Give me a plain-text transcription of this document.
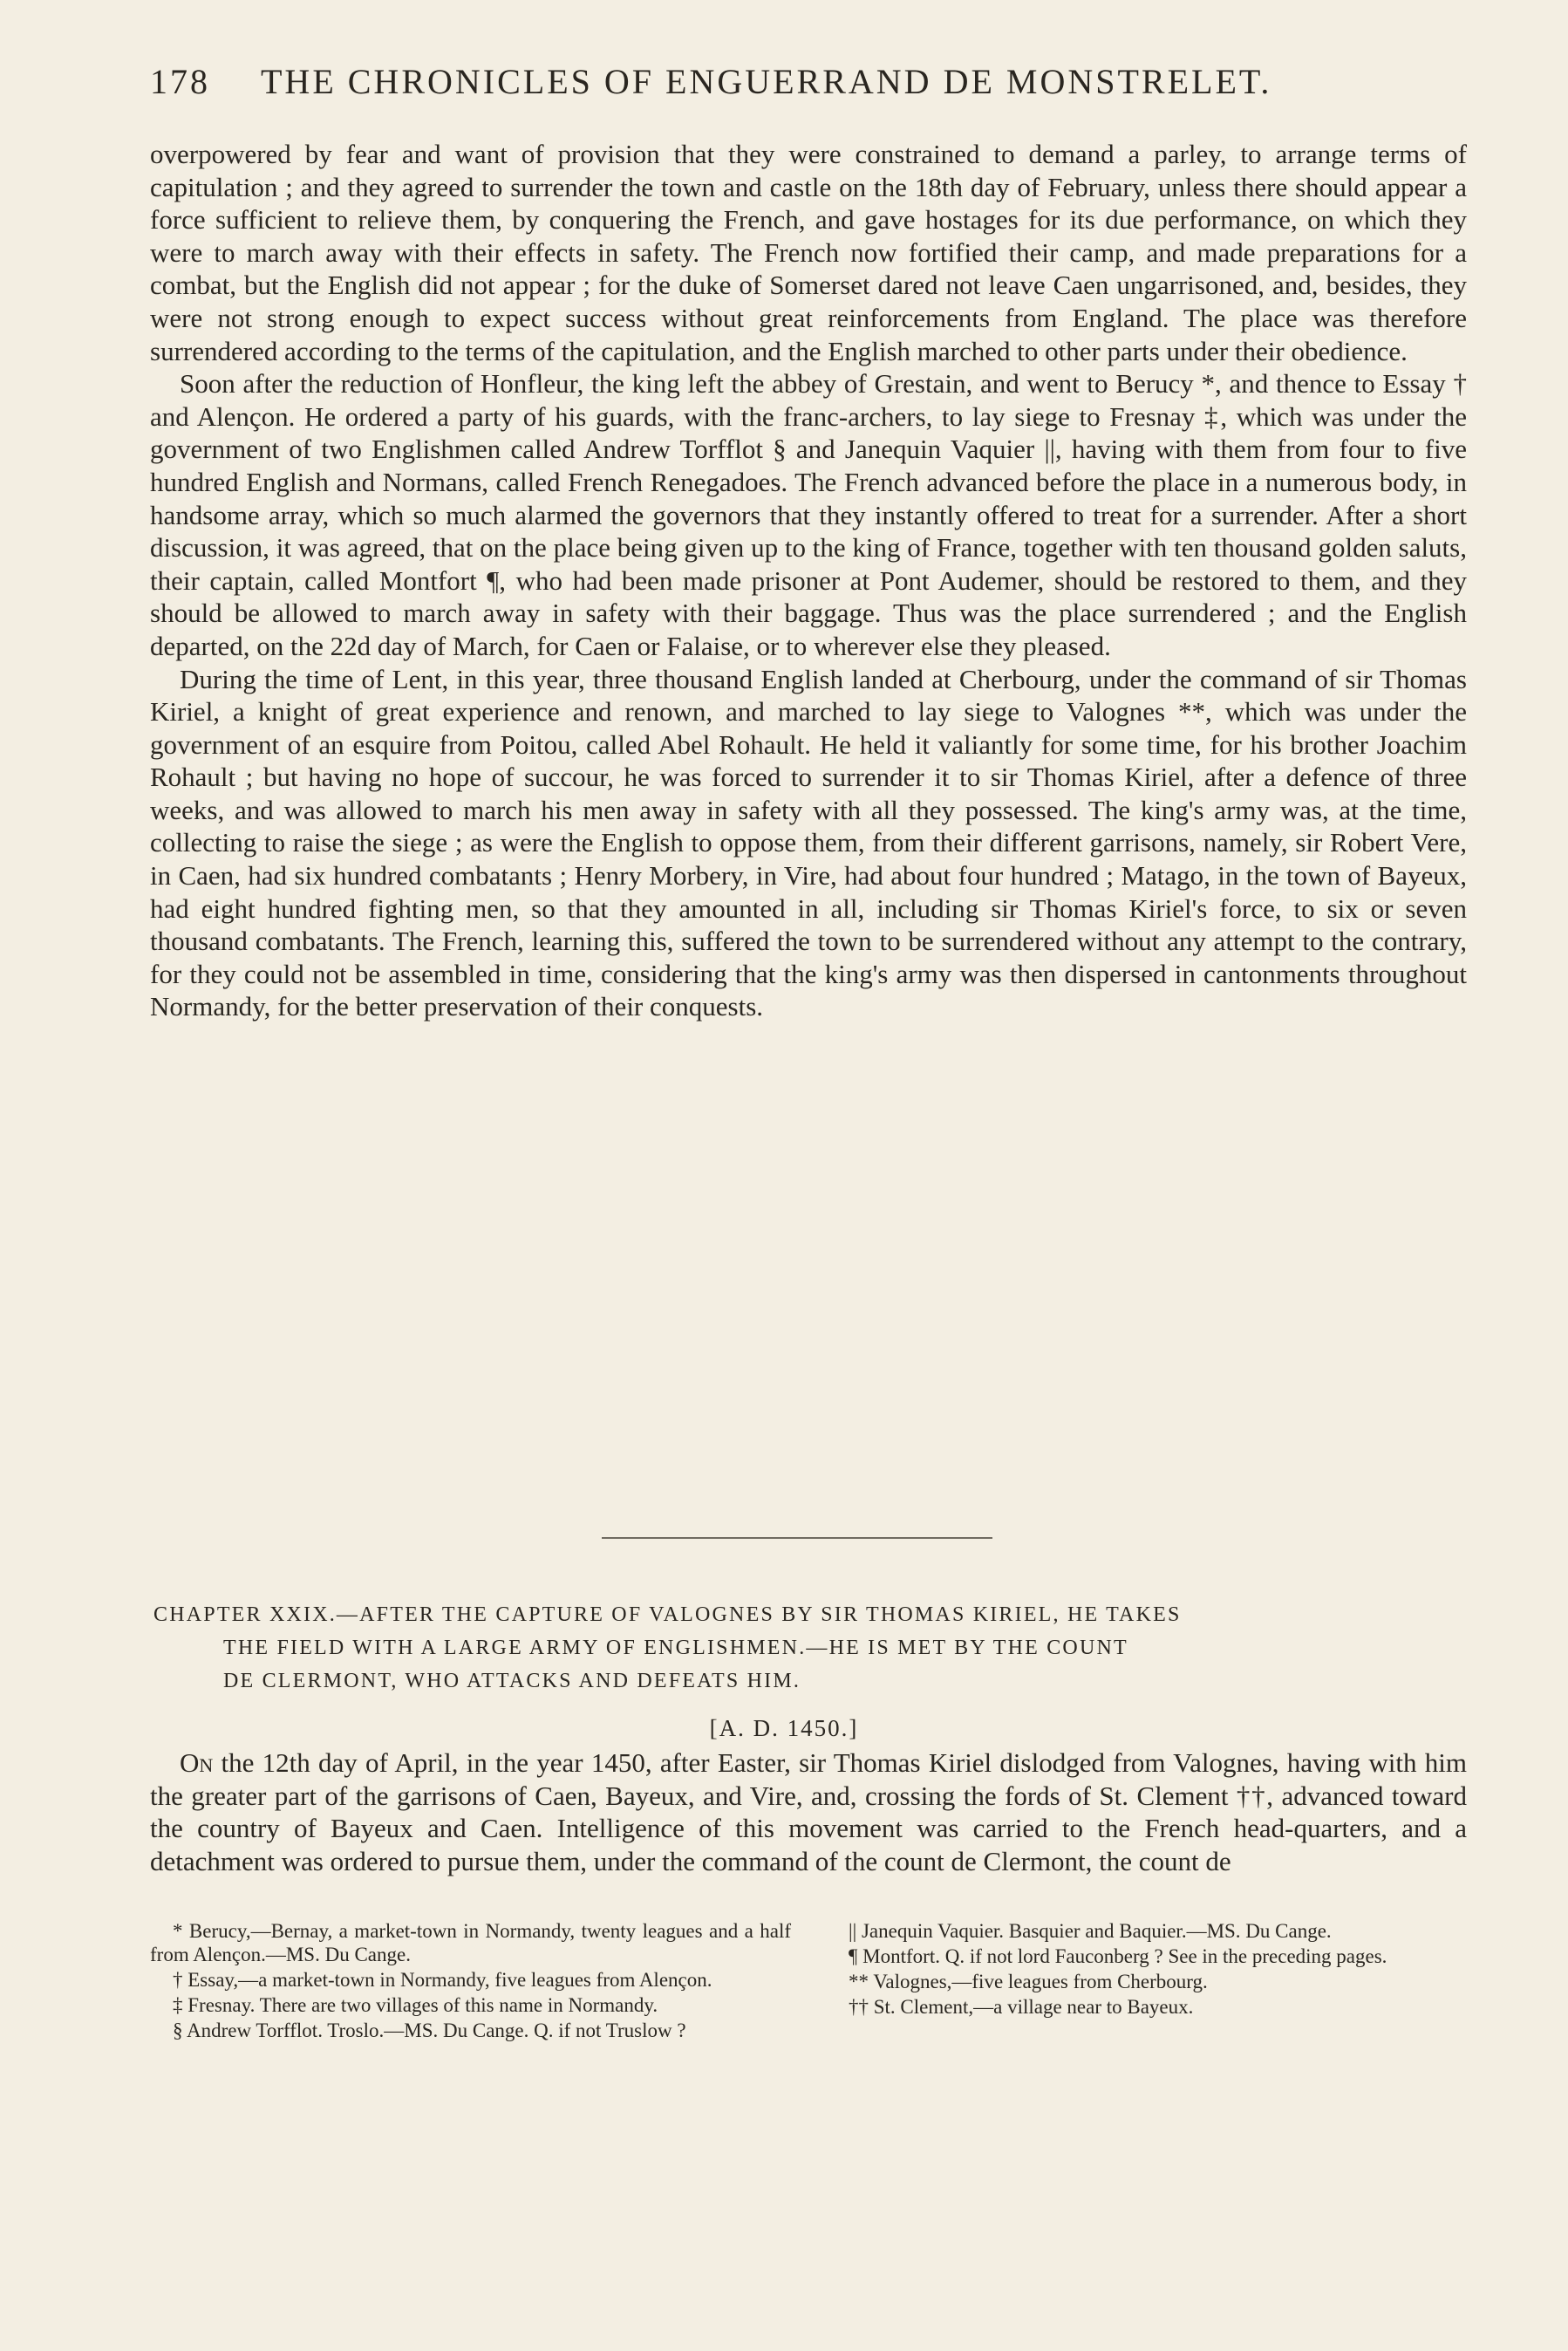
178 THE CHRONICLES OF ENGUERRAND DE MONSTRELET.

overpowered by fear and want of provision that they were constrained to demand a parley, to arrange terms of capitulation ; and they agreed to surrender the town and castle on the 18th day of February, unless there should appear a force sufficient to relieve them, by conquering the French, and gave hostages for its due performance, on which they were to march away with their effects in safety. The French now fortified their camp, and made preparations for a combat, but the English did not appear ; for the duke of Somerset dared not leave Caen ungarrisoned, and, besides, they were not strong enough to expect success without great reinforcements from England. The place was therefore surrendered according to the terms of the capitulation, and the English marched to other parts under their obedience.

Soon after the reduction of Honfleur, the king left the abbey of Grestain, and went to Berucy *, and thence to Essay † and Alençon. He ordered a party of his guards, with the franc-archers, to lay siege to Fresnay ‡, which was under the government of two Englishmen called Andrew Torfflot § and Janequin Vaquier ||, having with them from four to five hundred English and Normans, called French Renegadoes. The French advanced before the place in a numerous body, in handsome array, which so much alarmed the governors that they instantly offered to treat for a surrender. After a short discussion, it was agreed, that on the place being given up to the king of France, together with ten thousand golden saluts, their captain, called Montfort ¶, who had been made prisoner at Pont Audemer, should be restored to them, and they should be allowed to march away in safety with their baggage. Thus was the place surrendered ; and the English departed, on the 22d day of March, for Caen or Falaise, or to wherever else they pleased.

During the time of Lent, in this year, three thousand English landed at Cherbourg, under the command of sir Thomas Kiriel, a knight of great experience and renown, and marched to lay siege to Valognes **, which was under the government of an esquire from Poitou, called Abel Rohault. He held it valiantly for some time, for his brother Joachim Rohault ; but having no hope of succour, he was forced to surrender it to sir Thomas Kiriel, after a defence of three weeks, and was allowed to march his men away in safety with all they possessed. The king's army was, at the time, collecting to raise the siege ; as were the English to oppose them, from their different garrisons, namely, sir Robert Vere, in Caen, had six hundred combatants ; Henry Morbery, in Vire, had about four hundred ; Matago, in the town of Bayeux, had eight hundred fighting men, so that they amounted in all, including sir Thomas Kiriel's force, to six or seven thousand combatants. The French, learning this, suffered the town to be surrendered without any attempt to the contrary, for they could not be assembled in time, considering that the king's army was then dispersed in cantonments throughout Normandy, for the better preservation of their conquests.

CHAPTER XXIX.—AFTER THE CAPTURE OF VALOGNES BY SIR THOMAS KIRIEL, HE TAKES
THE FIELD WITH A LARGE ARMY OF ENGLISHMEN.—HE IS MET BY THE COUNT
DE CLERMONT, WHO ATTACKS AND DEFEATS HIM.
[A. D. 1450.]

On the 12th day of April, in the year 1450, after Easter, sir Thomas Kiriel dislodged from Valognes, having with him the greater part of the garrisons of Caen, Bayeux, and Vire, and, crossing the fords of St. Clement ††, advanced toward the country of Bayeux and Caen. Intelligence of this movement was carried to the French head-quarters, and a detachment was ordered to pursue them, under the command of the count de Clermont, the count de

* Berucy,—Bernay, a market-town in Normandy, twenty leagues and a half from Alençon.—MS. Du Cange.

† Essay,—a market-town in Normandy, five leagues from Alençon.

‡ Fresnay. There are two villages of this name in Normandy.

§ Andrew Torfflot. Troslo.—MS. Du Cange. Q. if not Truslow ?

|| Janequin Vaquier. Basquier and Baquier.—MS. Du Cange.

¶ Montfort. Q. if not lord Fauconberg ? See in the preceding pages.

** Valognes,—five leagues from Cherbourg.

†† St. Clement,—a village near to Bayeux.
